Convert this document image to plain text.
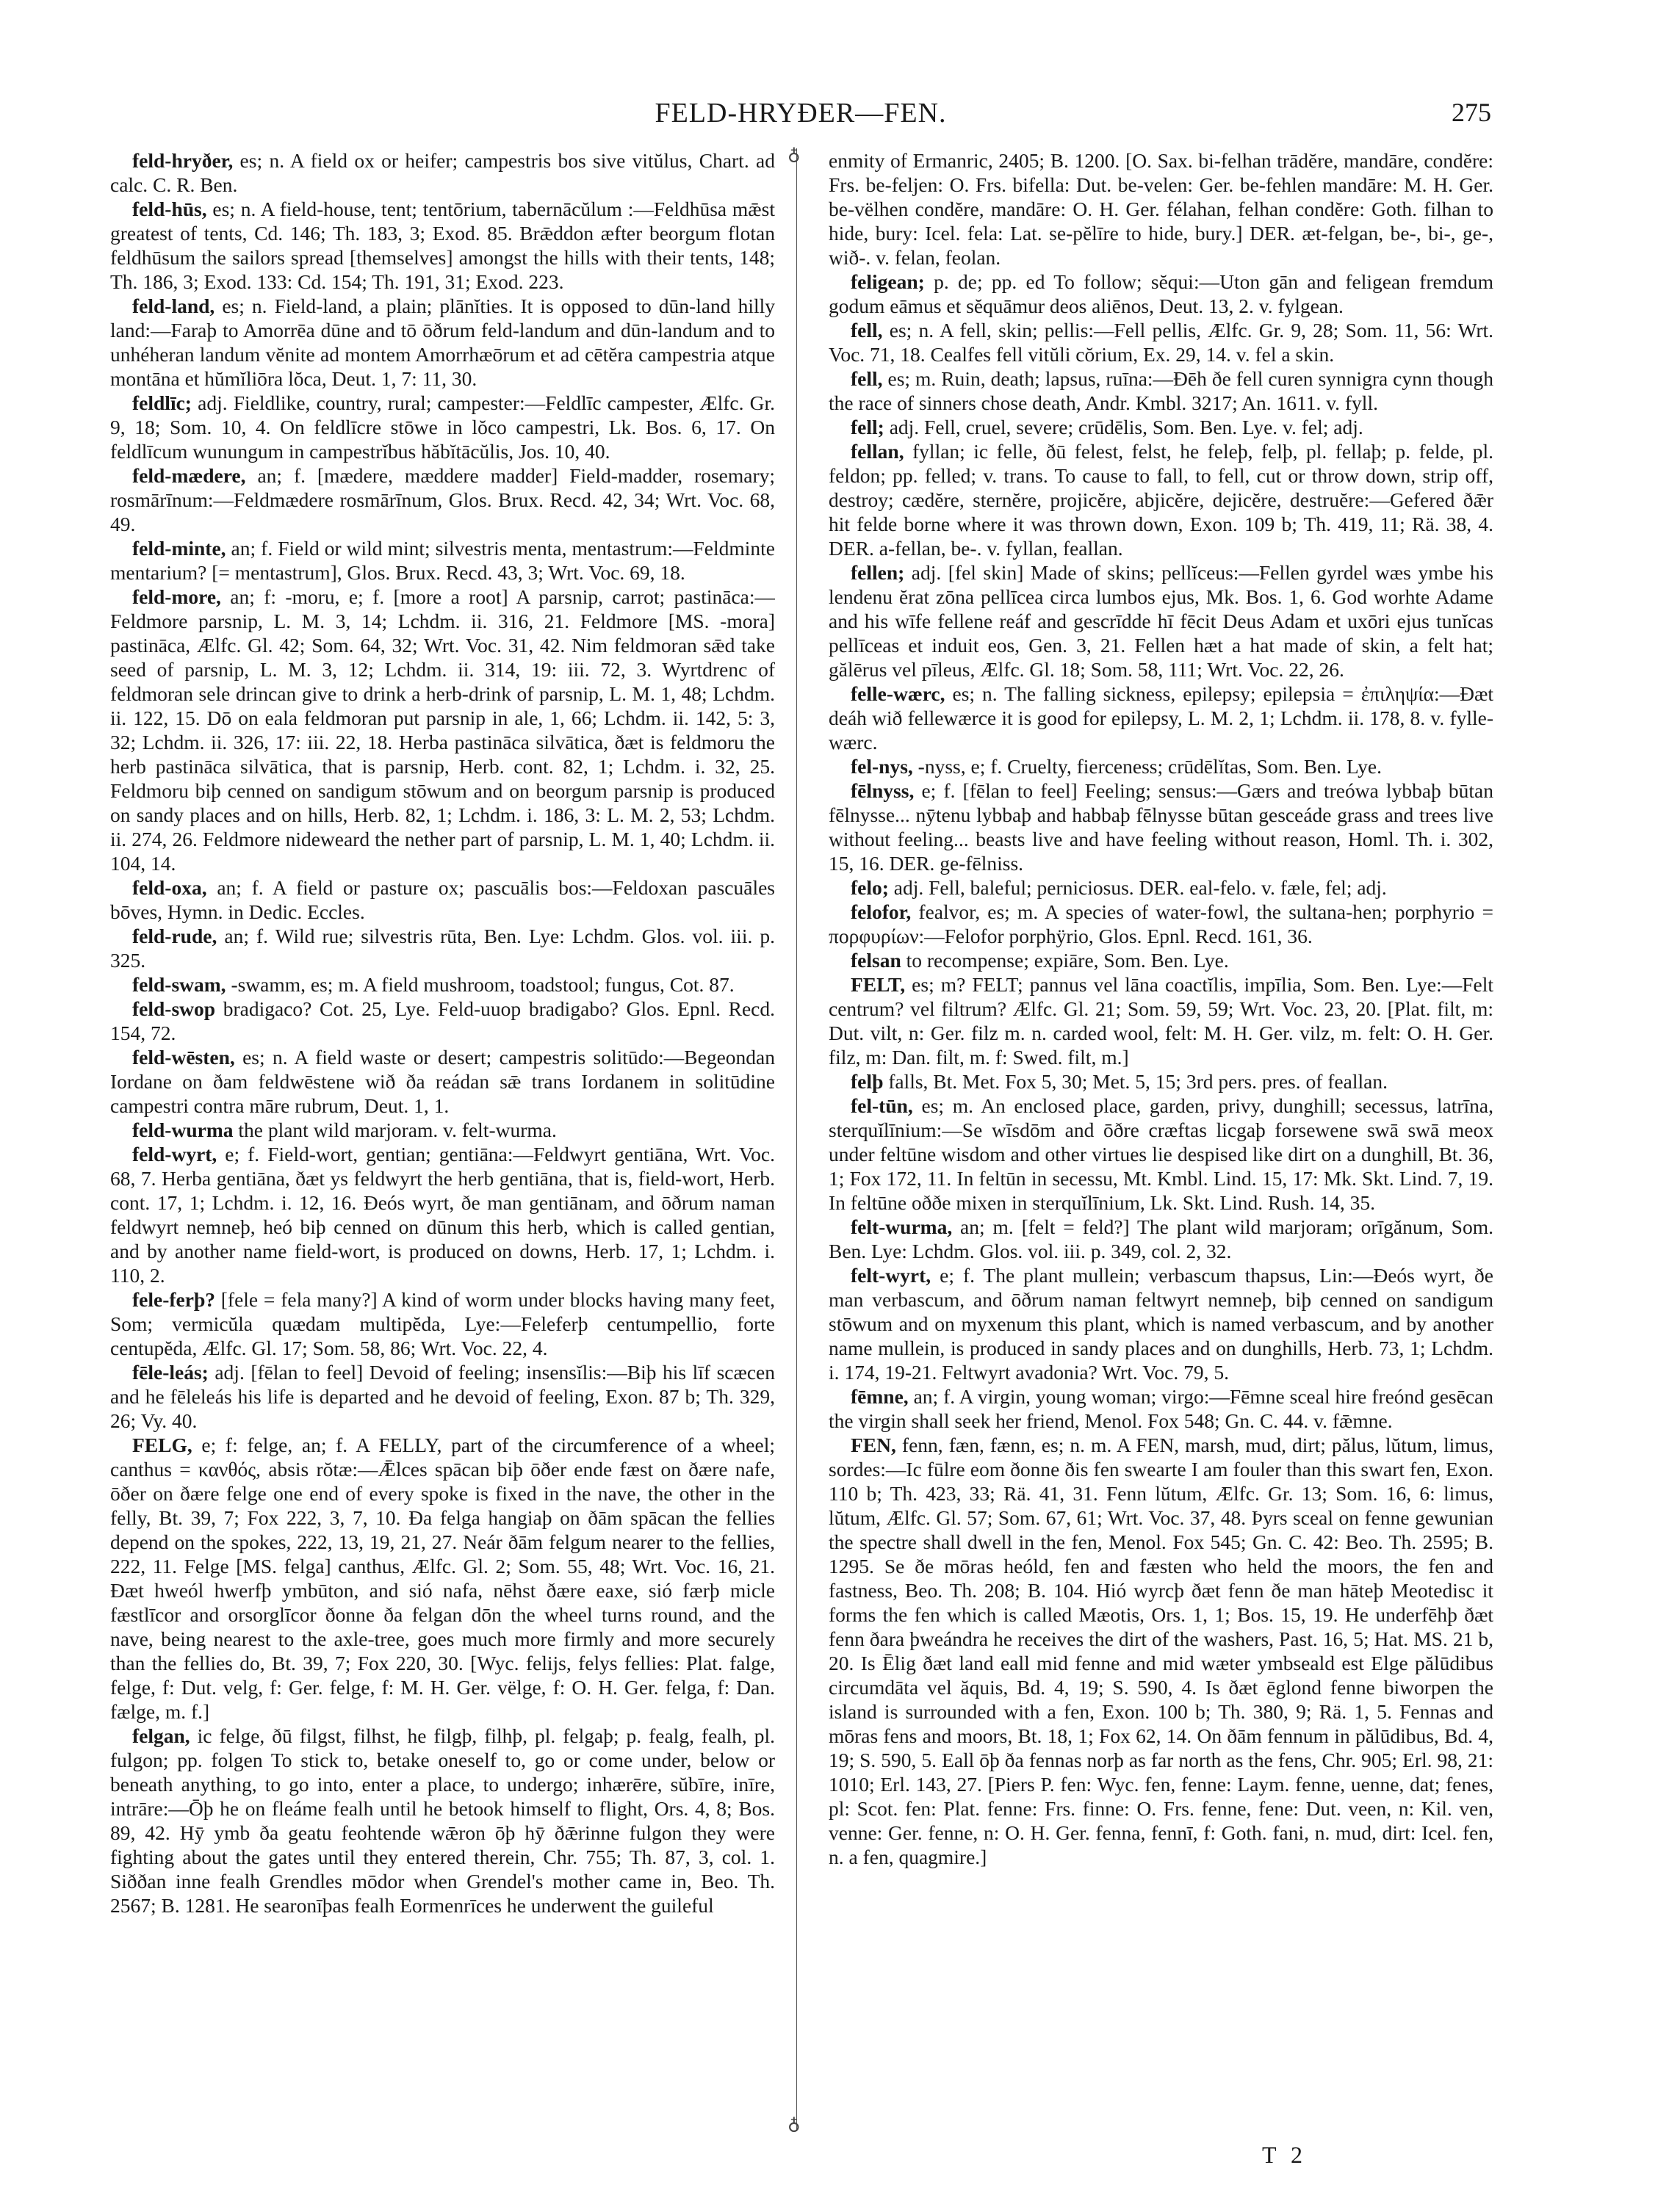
FELD-HRYÐER—FEN.	275
♁
♁

feld-hryðer, es; n. A field ox or heifer; campestris bos sive vitŭlus, Chart. ad calc. C. R. Ben.

feld-hūs, es; n. A field-house, tent; tentōrium, tabernācŭlum :—Feldhūsa mǣst greatest of tents, Cd. 146; Th. 183, 3; Exod. 85. Brǣddon æfter beorgum flotan feldhūsum the sailors spread [themselves] amongst the hills with their tents, 148; Th. 186, 3; Exod. 133: Cd. 154; Th. 191, 31; Exod. 223.

feld-land, es; n. Field-land, a plain; plānĭties. It is opposed to dūn-land hilly land:—Faraþ to Amorrēa dūne and tō ōðrum feld-landum and dūn-landum and to unhéheran landum vĕnite ad montem Amorrhæōrum et ad cētĕra campestria atque montāna et hŭmĭliōra lŏca, Deut. 1, 7: 11, 30.

feldlīc; adj. Fieldlike, country, rural; campester:—Feldlīc campester, Ælfc. Gr. 9, 18; Som. 10, 4. On feldlīcre stōwe in lŏco campestri, Lk. Bos. 6, 17. On feldlīcum wunungum in campestrĭbus hăbĭtācŭlis, Jos. 10, 40.

feld-mædere, an; f. [mædere, mæddere madder] Field-madder, rosemary; rosmārīnum:—Feldmædere rosmārīnum, Glos. Brux. Recd. 42, 34; Wrt. Voc. 68, 49.

feld-minte, an; f. Field or wild mint; silvestris menta, mentastrum:—Feldminte mentarium? [= mentastrum], Glos. Brux. Recd. 43, 3; Wrt. Voc. 69, 18.

feld-more, an; f: -moru, e; f. [more a root] A parsnip, carrot; pastināca:—Feldmore parsnip, L. M. 3, 14; Lchdm. ii. 316, 21. Feldmore [MS. -mora] pastināca, Ælfc. Gl. 42; Som. 64, 32; Wrt. Voc. 31, 42. Nim feldmoran sǣd take seed of parsnip, L. M. 3, 12; Lchdm. ii. 314, 19: iii. 72, 3. Wyrtdrenc of feldmoran sele drincan give to drink a herb-drink of parsnip, L. M. 1, 48; Lchdm. ii. 122, 15. Dō on eala feldmoran put parsnip in ale, 1, 66; Lchdm. ii. 142, 5: 3, 32; Lchdm. ii. 326, 17: iii. 22, 18. Herba pastināca silvātica, ðæt is feldmoru the herb pastināca silvātica, that is parsnip, Herb. cont. 82, 1; Lchdm. i. 32, 25. Feldmoru biþ cenned on sandigum stōwum and on beorgum parsnip is produced on sandy places and on hills, Herb. 82, 1; Lchdm. i. 186, 3: L. M. 2, 53; Lchdm. ii. 274, 26. Feldmore nideweard the nether part of parsnip, L. M. 1, 40; Lchdm. ii. 104, 14.

feld-oxa, an; f. A field or pasture ox; pascuālis bos:—Feldoxan pascuāles bōves, Hymn. in Dedic. Eccles.

feld-rude, an; f. Wild rue; silvestris rūta, Ben. Lye: Lchdm. Glos. vol. iii. p. 325.

feld-swam, -swamm, es; m. A field mushroom, toadstool; fungus, Cot. 87.

feld-swop bradigaco? Cot. 25, Lye. Feld-uuop bradigabo? Glos. Epnl. Recd. 154, 72.

feld-wēsten, es; n. A field waste or desert; campestris solitūdo:—Begeondan Iordane on ðam feldwēstene wið ða reádan sǣ trans Iordanem in solitūdine campestri contra māre rubrum, Deut. 1, 1.

feld-wurma the plant wild marjoram. v. felt-wurma.

feld-wyrt, e; f. Field-wort, gentian; gentiāna:—Feldwyrt gentiāna, Wrt. Voc. 68, 7. Herba gentiāna, ðæt ys feldwyrt the herb gentiāna, that is, field-wort, Herb. cont. 17, 1; Lchdm. i. 12, 16. Ðeós wyrt, ðe man gentiānam, and ōðrum naman feldwyrt nemneþ, heó biþ cenned on dūnum this herb, which is called gentian, and by another name field-wort, is produced on downs, Herb. 17, 1; Lchdm. i. 110, 2.

fele-ferþ? [fele = fela many?] A kind of worm under blocks having many feet, Som; vermicŭla quædam multipĕda, Lye:—Feleferþ centumpellio, forte centupĕda, Ælfc. Gl. 17; Som. 58, 86; Wrt. Voc. 22, 4.

fēle-leás; adj. [fēlan to feel] Devoid of feeling; insensĭlis:—Biþ his līf scæcen and he fēleleás his life is departed and he devoid of feeling, Exon. 87 b; Th. 329, 26; Vy. 40.

FELG, e; f: felge, an; f. A FELLY, part of the circumference of a wheel; canthus = κανθός, absis rŏtæ:—Ǣlces spācan biþ ōðer ende fæst on ðære nafe, ōðer on ðære felge one end of every spoke is fixed in the nave, the other in the felly, Bt. 39, 7; Fox 222, 3, 7, 10. Ða felga hangiaþ on ðām spācan the fellies depend on the spokes, 222, 13, 19, 21, 27. Neár ðām felgum nearer to the fellies, 222, 11. Felge [MS. felga] canthus, Ælfc. Gl. 2; Som. 55, 48; Wrt. Voc. 16, 21. Ðæt hweól hwerfþ ymbūton, and sió nafa, nēhst ðære eaxe, sió færþ micle fæstlīcor and orsorglīcor ðonne ða felgan dōn the wheel turns round, and the nave, being nearest to the axle-tree, goes much more firmly and more securely than the fellies do, Bt. 39, 7; Fox 220, 30. [Wyc. felijs, felys fellies: Plat. falge, felge, f: Dut. velg, f: Ger. felge, f: M. H. Ger. vëlge, f: O. H. Ger. felga, f: Dan. fælge, m. f.]

felgan, ic felge, ðū filgst, filhst, he filgþ, filhþ, pl. felgaþ; p. fealg, fealh, pl. fulgon; pp. folgen To stick to, betake oneself to, go or come under, below or beneath anything, to go into, enter a place, to undergo; inhærēre, sŭbīre, inīre, intrāre:—Ōþ he on fleáme fealh until he betook himself to flight, Ors. 4, 8; Bos. 89, 42. Hȳ ymb ða geatu feohtende wǣron ōþ hȳ ðǣrinne fulgon they were fighting about the gates until they entered therein, Chr. 755; Th. 87, 3, col. 1. Siððan inne fealh Grendles mōdor when Grendel's mother came in, Beo. Th. 2567; B. 1281. He searonīþas fealh Eormenrīces he underwent the guileful

enmity of Ermanric, 2405; B. 1200. [O. Sax. bi-felhan trādĕre, mandāre, condĕre: Frs. be-feljen: O. Frs. bifella: Dut. be-velen: Ger. be-fehlen mandāre: M. H. Ger. be-vëlhen condĕre, mandāre: O. H. Ger. félahan, felhan condĕre: Goth. filhan to hide, bury: Icel. fela: Lat. se-pĕlīre to hide, bury.] DER. æt-felgan, be-, bi-, ge-, wið-. v. felan, feolan.

feligean; p. de; pp. ed To follow; sĕqui:—Uton gān and feligean fremdum godum eāmus et sĕquāmur deos aliēnos, Deut. 13, 2. v. fylgean.

fell, es; n. A fell, skin; pellis:—Fell pellis, Ælfc. Gr. 9, 28; Som. 11, 56: Wrt. Voc. 71, 18. Cealfes fell vitŭli cŏrium, Ex. 29, 14. v. fel a skin.

fell, es; m. Ruin, death; lapsus, ruīna:—Ðēh ðe fell curen synnigra cynn though the race of sinners chose death, Andr. Kmbl. 3217; An. 1611. v. fyll.

fell; adj. Fell, cruel, severe; crūdēlis, Som. Ben. Lye. v. fel; adj.

fellan, fyllan; ic felle, ðū felest, felst, he feleþ, felþ, pl. fellaþ; p. felde, pl. feldon; pp. felled; v. trans. To cause to fall, to fell, cut or throw down, strip off, destroy; cædĕre, sternĕre, projicĕre, abjicĕre, dejicĕre, destruĕre:—Gefered ðǣr hit felde borne where it was thrown down, Exon. 109 b; Th. 419, 11; Rä. 38, 4. DER. a-fellan, be-. v. fyllan, feallan.

fellen; adj. [fel skin] Made of skins; pellĭceus:—Fellen gyrdel wæs ymbe his lendenu ĕrat zōna pellīcea circa lumbos ejus, Mk. Bos. 1, 6. God worhte Adame and his wīfe fellene reáf and gescrīdde hī fēcit Deus Adam et uxōri ejus tunĭcas pellīceas et induit eos, Gen. 3, 21. Fellen hæt a hat made of skin, a felt hat; gălērus vel pīleus, Ælfc. Gl. 18; Som. 58, 111; Wrt. Voc. 22, 26.

felle-wærc, es; n. The falling sickness, epilepsy; epilepsia = ἐπιληψία:—Ðæt deáh wið fellewærce it is good for epilepsy, L. M. 2, 1; Lchdm. ii. 178, 8. v. fylle-wærc.

fel-nys, -nyss, e; f. Cruelty, fierceness; crūdēlĭtas, Som. Ben. Lye.

fēlnyss, e; f. [fēlan to feel] Feeling; sensus:—Gærs and treówa lybbaþ būtan fēlnysse... nȳtenu lybbaþ and habbaþ fēlnysse būtan gesceáde grass and trees live without feeling... beasts live and have feeling without reason, Homl. Th. i. 302, 15, 16. DER. ge-fēlniss.

felo; adj. Fell, baleful; perniciosus. DER. eal-felo. v. fæle, fel; adj.

felofor, fealvor, es; m. A species of water-fowl, the sultana-hen; porphyrio = πορφυρίων:—Felofor porphÿrio, Glos. Epnl. Recd. 161, 36.

felsan to recompense; expiāre, Som. Ben. Lye.

FELT, es; m? FELT; pannus vel lāna coactĭlis, impīlia, Som. Ben. Lye:—Felt centrum? vel filtrum? Ælfc. Gl. 21; Som. 59, 59; Wrt. Voc. 23, 20. [Plat. filt, m: Dut. vilt, n: Ger. filz m. n. carded wool, felt: M. H. Ger. vilz, m. felt: O. H. Ger. filz, m: Dan. filt, m. f: Swed. filt, m.]

felþ falls, Bt. Met. Fox 5, 30; Met. 5, 15; 3rd pers. pres. of feallan.

fel-tūn, es; m. An enclosed place, garden, privy, dunghill; secessus, latrīna, sterquĭlīnium:—Se wīsdōm and ōðre cræftas licgaþ forsewene swā swā meox under feltūne wisdom and other virtues lie despised like dirt on a dunghill, Bt. 36, 1; Fox 172, 11. In feltūn in secessu, Mt. Kmbl. Lind. 15, 17: Mk. Skt. Lind. 7, 19. In feltūne oððe mixen in sterquĭlīnium, Lk. Skt. Lind. Rush. 14, 35.

felt-wurma, an; m. [felt = feld?] The plant wild marjoram; orīgănum, Som. Ben. Lye: Lchdm. Glos. vol. iii. p. 349, col. 2, 32.

felt-wyrt, e; f. The plant mullein; verbascum thapsus, Lin:—Ðeós wyrt, ðe man verbascum, and ōðrum naman feltwyrt nemneþ, biþ cenned on sandigum stōwum and on myxenum this plant, which is named verbascum, and by another name mullein, is produced in sandy places and on dunghills, Herb. 73, 1; Lchdm. i. 174, 19-21. Feltwyrt avadonia? Wrt. Voc. 79, 5.

fēmne, an; f. A virgin, young woman; virgo:—Fēmne sceal hire freónd gesēcan the virgin shall seek her friend, Menol. Fox 548; Gn. C. 44. v. fǣmne.

FEN, fenn, fæn, fænn, es; n. m. A FEN, marsh, mud, dirt; pălus, lŭtum, limus, sordes:—Ic fūlre eom ðonne ðis fen swearte I am fouler than this swart fen, Exon. 110 b; Th. 423, 33; Rä. 41, 31. Fenn lŭtum, Ælfc. Gr. 13; Som. 16, 6: limus, lŭtum, Ælfc. Gl. 57; Som. 67, 61; Wrt. Voc. 37, 48. Þyrs sceal on fenne gewunian the spectre shall dwell in the fen, Menol. Fox 545; Gn. C. 42: Beo. Th. 2595; B. 1295. Se ðe mōras heóld, fen and fæsten who held the moors, the fen and fastness, Beo. Th. 208; B. 104. Hió wyrcþ ðæt fenn ðe man hāteþ Meotedisc it forms the fen which is called Mæotis, Ors. 1, 1; Bos. 15, 19. He underfēhþ ðæt fenn ðara þweándra he receives the dirt of the washers, Past. 16, 5; Hat. MS. 21 b, 20. Is Ēlig ðæt land eall mid fenne and mid wæter ymbseald est Elge pălūdibus circumdāta vel ăquis, Bd. 4, 19; S. 590, 4. Is ðæt ēglond fenne biworpen the island is surrounded with a fen, Exon. 100 b; Th. 380, 9; Rä. 1, 5. Fennas and mōras fens and moors, Bt. 18, 1; Fox 62, 14. On ðām fennum in pălūdibus, Bd. 4, 19; S. 590, 5. Eall ōþ ða fennas norþ as far north as the fens, Chr. 905; Erl. 98, 21: 1010; Erl. 143, 27. [Piers P. fen: Wyc. fen, fenne: Laym. fenne, uenne, dat; fenes, pl: Scot. fen: Plat. fenne: Frs. finne: O. Frs. fenne, fene: Dut. veen, n: Kil. ven, venne: Ger. fenne, n: O. H. Ger. fenna, fennī, f: Goth. fani, n. mud, dirt: Icel. fen, n. a fen, quagmire.]

T 2
